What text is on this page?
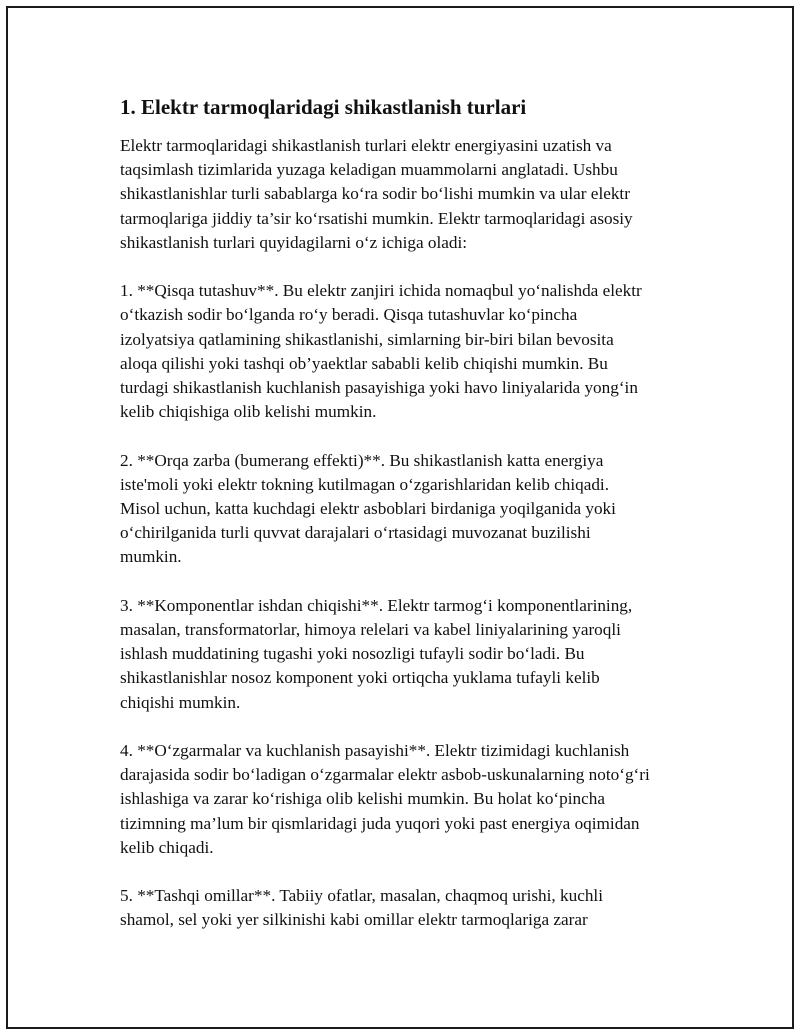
1. Elektr tarmoqlaridagi shikastlanish turlari

Elektr tarmoqlaridagi shikastlanish turlari elektr energiyasini uzatish va
taqsimlash tizimlarida yuzaga keladigan muammolarni anglatadi. Ushbu
shikastlanishlar turli sabablarga ko‘ra sodir bo‘lishi mumkin va ular elektr
tarmoqlariga jiddiy ta’sir ko‘rsatishi mumkin. Elektr tarmoqlaridagi asosiy
shikastlanish turlari quyidagilarni o‘z ichiga oladi:

1. **Qisqa tutashuv**. Bu elektr zanjiri ichida nomaqbul yo‘nalishda elektr
o‘tkazish sodir bo‘lganda ro‘y beradi. Qisqa tutashuvlar ko‘pincha
izolyatsiya qatlamining shikastlanishi, simlarning bir-biri bilan bevosita
aloqa qilishi yoki tashqi ob’yaektlar sababli kelib chiqishi mumkin. Bu
turdagi shikastlanish kuchlanish pasayishiga yoki havo liniyalarida yong‘in
kelib chiqishiga olib kelishi mumkin.

2. **Orqa zarba (bumerang effekti)**. Bu shikastlanish katta energiya
iste'moli yoki elektr tokning kutilmagan o‘zgarishlaridan kelib chiqadi.
Misol uchun, katta kuchdagi elektr asboblari birdaniga yoqilganida yoki
o‘chirilganida turli quvvat darajalari o‘rtasidagi muvozanat buzilishi
mumkin.

3. **Komponentlar ishdan chiqishi**. Elektr tarmog‘i komponentlarining,
masalan, transformatorlar, himoya relelari va kabel liniyalarining yaroqli
ishlash muddatining tugashi yoki nosozligi tufayli sodir bo‘ladi. Bu
shikastlanishlar nosoz komponent yoki ortiqcha yuklama tufayli kelib
chiqishi mumkin.

4. **O‘zgarmalar va kuchlanish pasayishi**. Elektr tizimidagi kuchlanish
darajasida sodir bo‘ladigan o‘zgarmalar elektr asbob-uskunalarning noto‘g‘ri
ishlashiga va zarar ko‘rishiga olib kelishi mumkin. Bu holat ko‘pincha
tizimning ma’lum bir qismlaridagi juda yuqori yoki past energiya oqimidan
kelib chiqadi.

5. **Tashqi omillar**. Tabiiy ofatlar, masalan, chaqmoq urishi, kuchli
shamol, sel yoki yer silkinishi kabi omillar elektr tarmoqlariga zarar
